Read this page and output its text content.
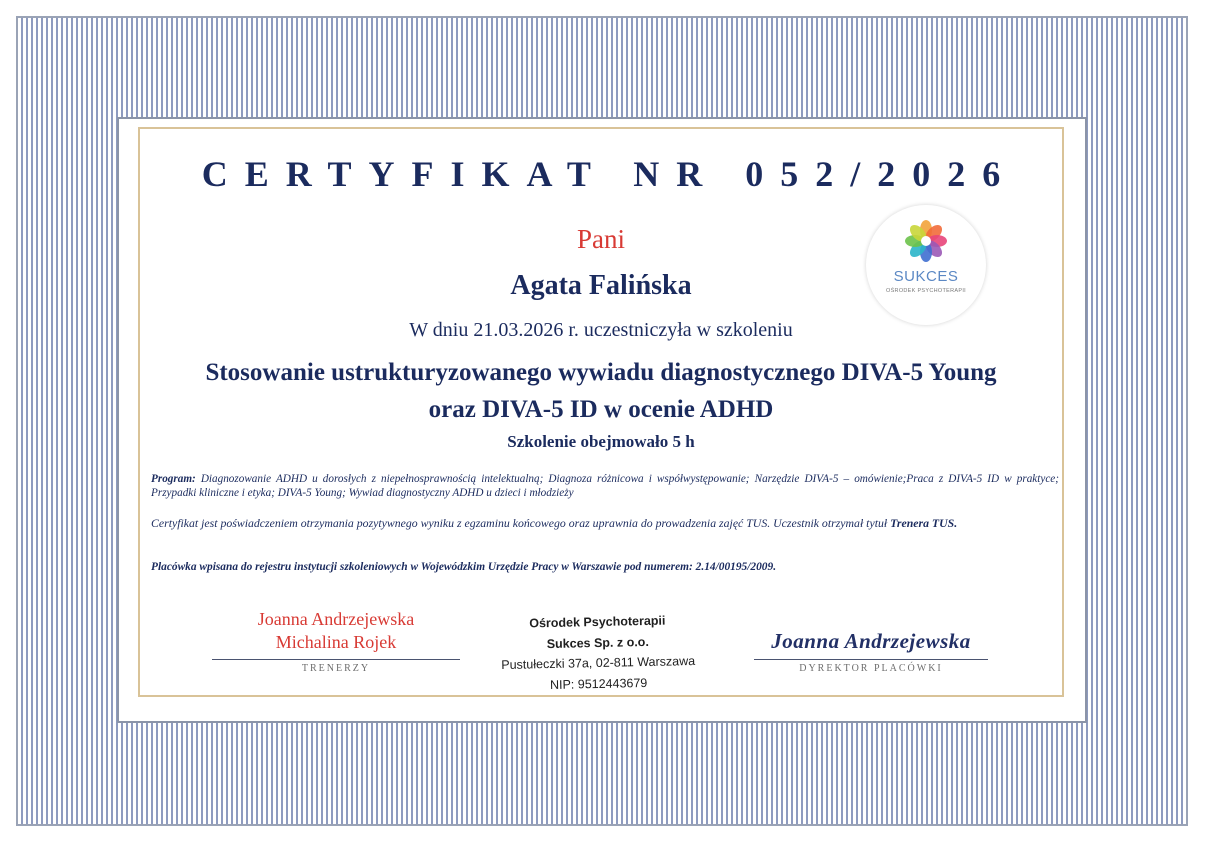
CERTYFIKAT NR 052/2026
SUKCES
OŚRODEK PSYCHOTERAPII
Pani
Agata Falińska
W dniu 21.03.2026 r. uczestniczyła w szkoleniu
Stosowanie ustrukturyzowanego wywiadu diagnostycznego DIVA-5 Young oraz DIVA-5 ID w ocenie ADHD
Szkolenie obejmowało 5 h
Program: Diagnozowanie ADHD u dorosłych z niepełnosprawnością intelektualną; Diagnoza różnicowa i współwystępowanie; Narzędzie DIVA-5 – omówienie;Praca z DIVA-5 ID w praktyce; Przypadki kliniczne i etyka; DIVA-5 Young; Wywiad diagnostyczny ADHD u dzieci i młodzieży
Certyfikat jest poświadczeniem otrzymania pozytywnego wyniku z egzaminu końcowego oraz uprawnia do prowadzenia zajęć TUS. Uczestnik otrzymał tytuł Trenera TUS.
Placówka wpisana do rejestru instytucji szkoleniowych w Wojewódzkim Urzędzie Pracy w Warszawie pod numerem: 2.14/00195/2009.
Joanna Andrzejewska
Michalina Rojek
TRENERZY
Ośrodek Psychoterapii
Sukces Sp. z o.o.
Pustułeczki 37a, 02-811 Warszawa
NIP: 9512443679
Joanna Andrzejewska
DYREKTOR PLACÓWKI
